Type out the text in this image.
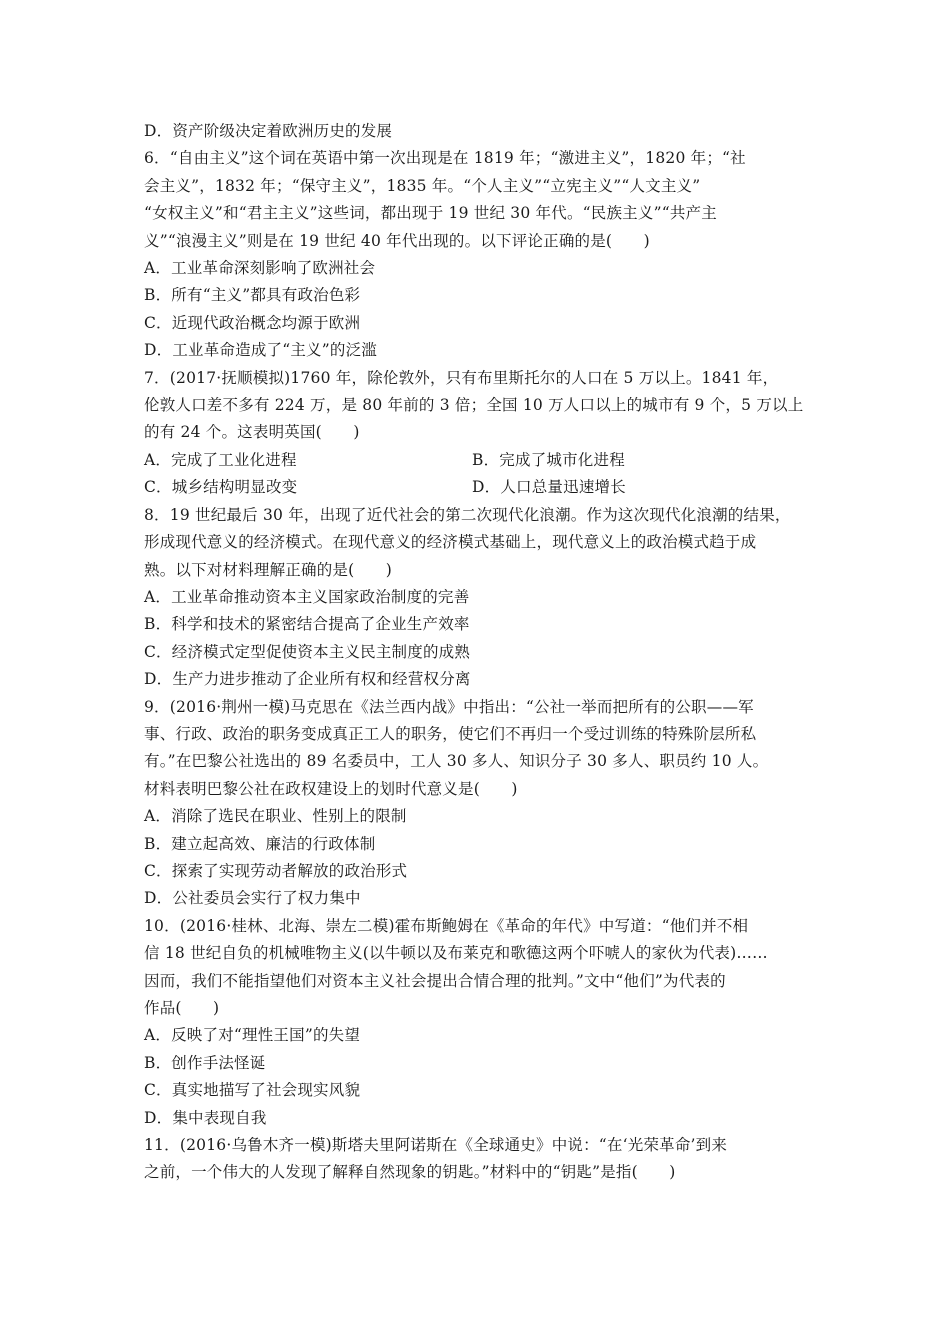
D．资产阶级决定着欧洲历史的发展
6．“自由主义”这个词在英语中第一次出现是在 1819 年；“激进主义”，1820 年；“社
会主义”，1832 年；“保守主义”，1835 年。“个人主义”“立宪主义”“人文主义”
“女权主义”和“君主主义”这些词，都出现于 19 世纪 30 年代。“民族主义”“共产主
义”“浪漫主义”则是在 19 世纪 40 年代出现的。以下评论正确的是(　　)
A．工业革命深刻影响了欧洲社会
B．所有“主义”都具有政治色彩
C．近现代政治概念均源于欧洲
D．工业革命造成了“主义”的泛滥
7．(2017·抚顺模拟)1760 年，除伦敦外，只有布里斯托尔的人口在 5 万以上。1841 年，
伦敦人口差不多有 224 万，是 80 年前的 3 倍；全国 10 万人口以上的城市有 9 个，5 万以上
的有 24 个。这表明英国(　　)
A．完成了工业化进程	B．完成了城市化进程
C．城乡结构明显改变	D．人口总量迅速增长
8．19 世纪最后 30 年，出现了近代社会的第二次现代化浪潮。作为这次现代化浪潮的结果，
形成现代意义的经济模式。在现代意义的经济模式基础上，现代意义上的政治模式趋于成
熟。以下对材料理解正确的是(　　)
A．工业革命推动资本主义国家政治制度的完善
B．科学和技术的紧密结合提高了企业生产效率
C．经济模式定型促使资本主义民主制度的成熟
D．生产力进步推动了企业所有权和经营权分离
9．(2016·荆州一模)马克思在《法兰西内战》中指出：“公社一举而把所有的公职——军
事、行政、政治的职务变成真正工人的职务，使它们不再归一个受过训练的特殊阶层所私
有。”在巴黎公社选出的 89 名委员中，工人 30 多人、知识分子 30 多人、职员约 10 人。
材料表明巴黎公社在政权建设上的划时代意义是(　　)
A．消除了选民在职业、性别上的限制
B．建立起高效、廉洁的行政体制
C．探索了实现劳动者解放的政治形式
D．公社委员会实行了权力集中
10．(2016·桂林、北海、崇左二模)霍布斯鲍姆在《革命的年代》中写道：“他们并不相
信 18 世纪自负的机械唯物主义(以牛顿以及布莱克和歌德这两个吓唬人的家伙为代表)……
因而，我们不能指望他们对资本主义社会提出合情合理的批判。”文中“他们”为代表的
作品(　　)
A．反映了对“理性王国”的失望
B．创作手法怪诞
C．真实地描写了社会现实风貌
D．集中表现自我
11．(2016·乌鲁木齐一模)斯塔夫里阿诺斯在《全球通史》中说：“在‘光荣革命’到来
之前，一个伟大的人发现了解释自然现象的钥匙。”材料中的“钥匙”是指(　　)
